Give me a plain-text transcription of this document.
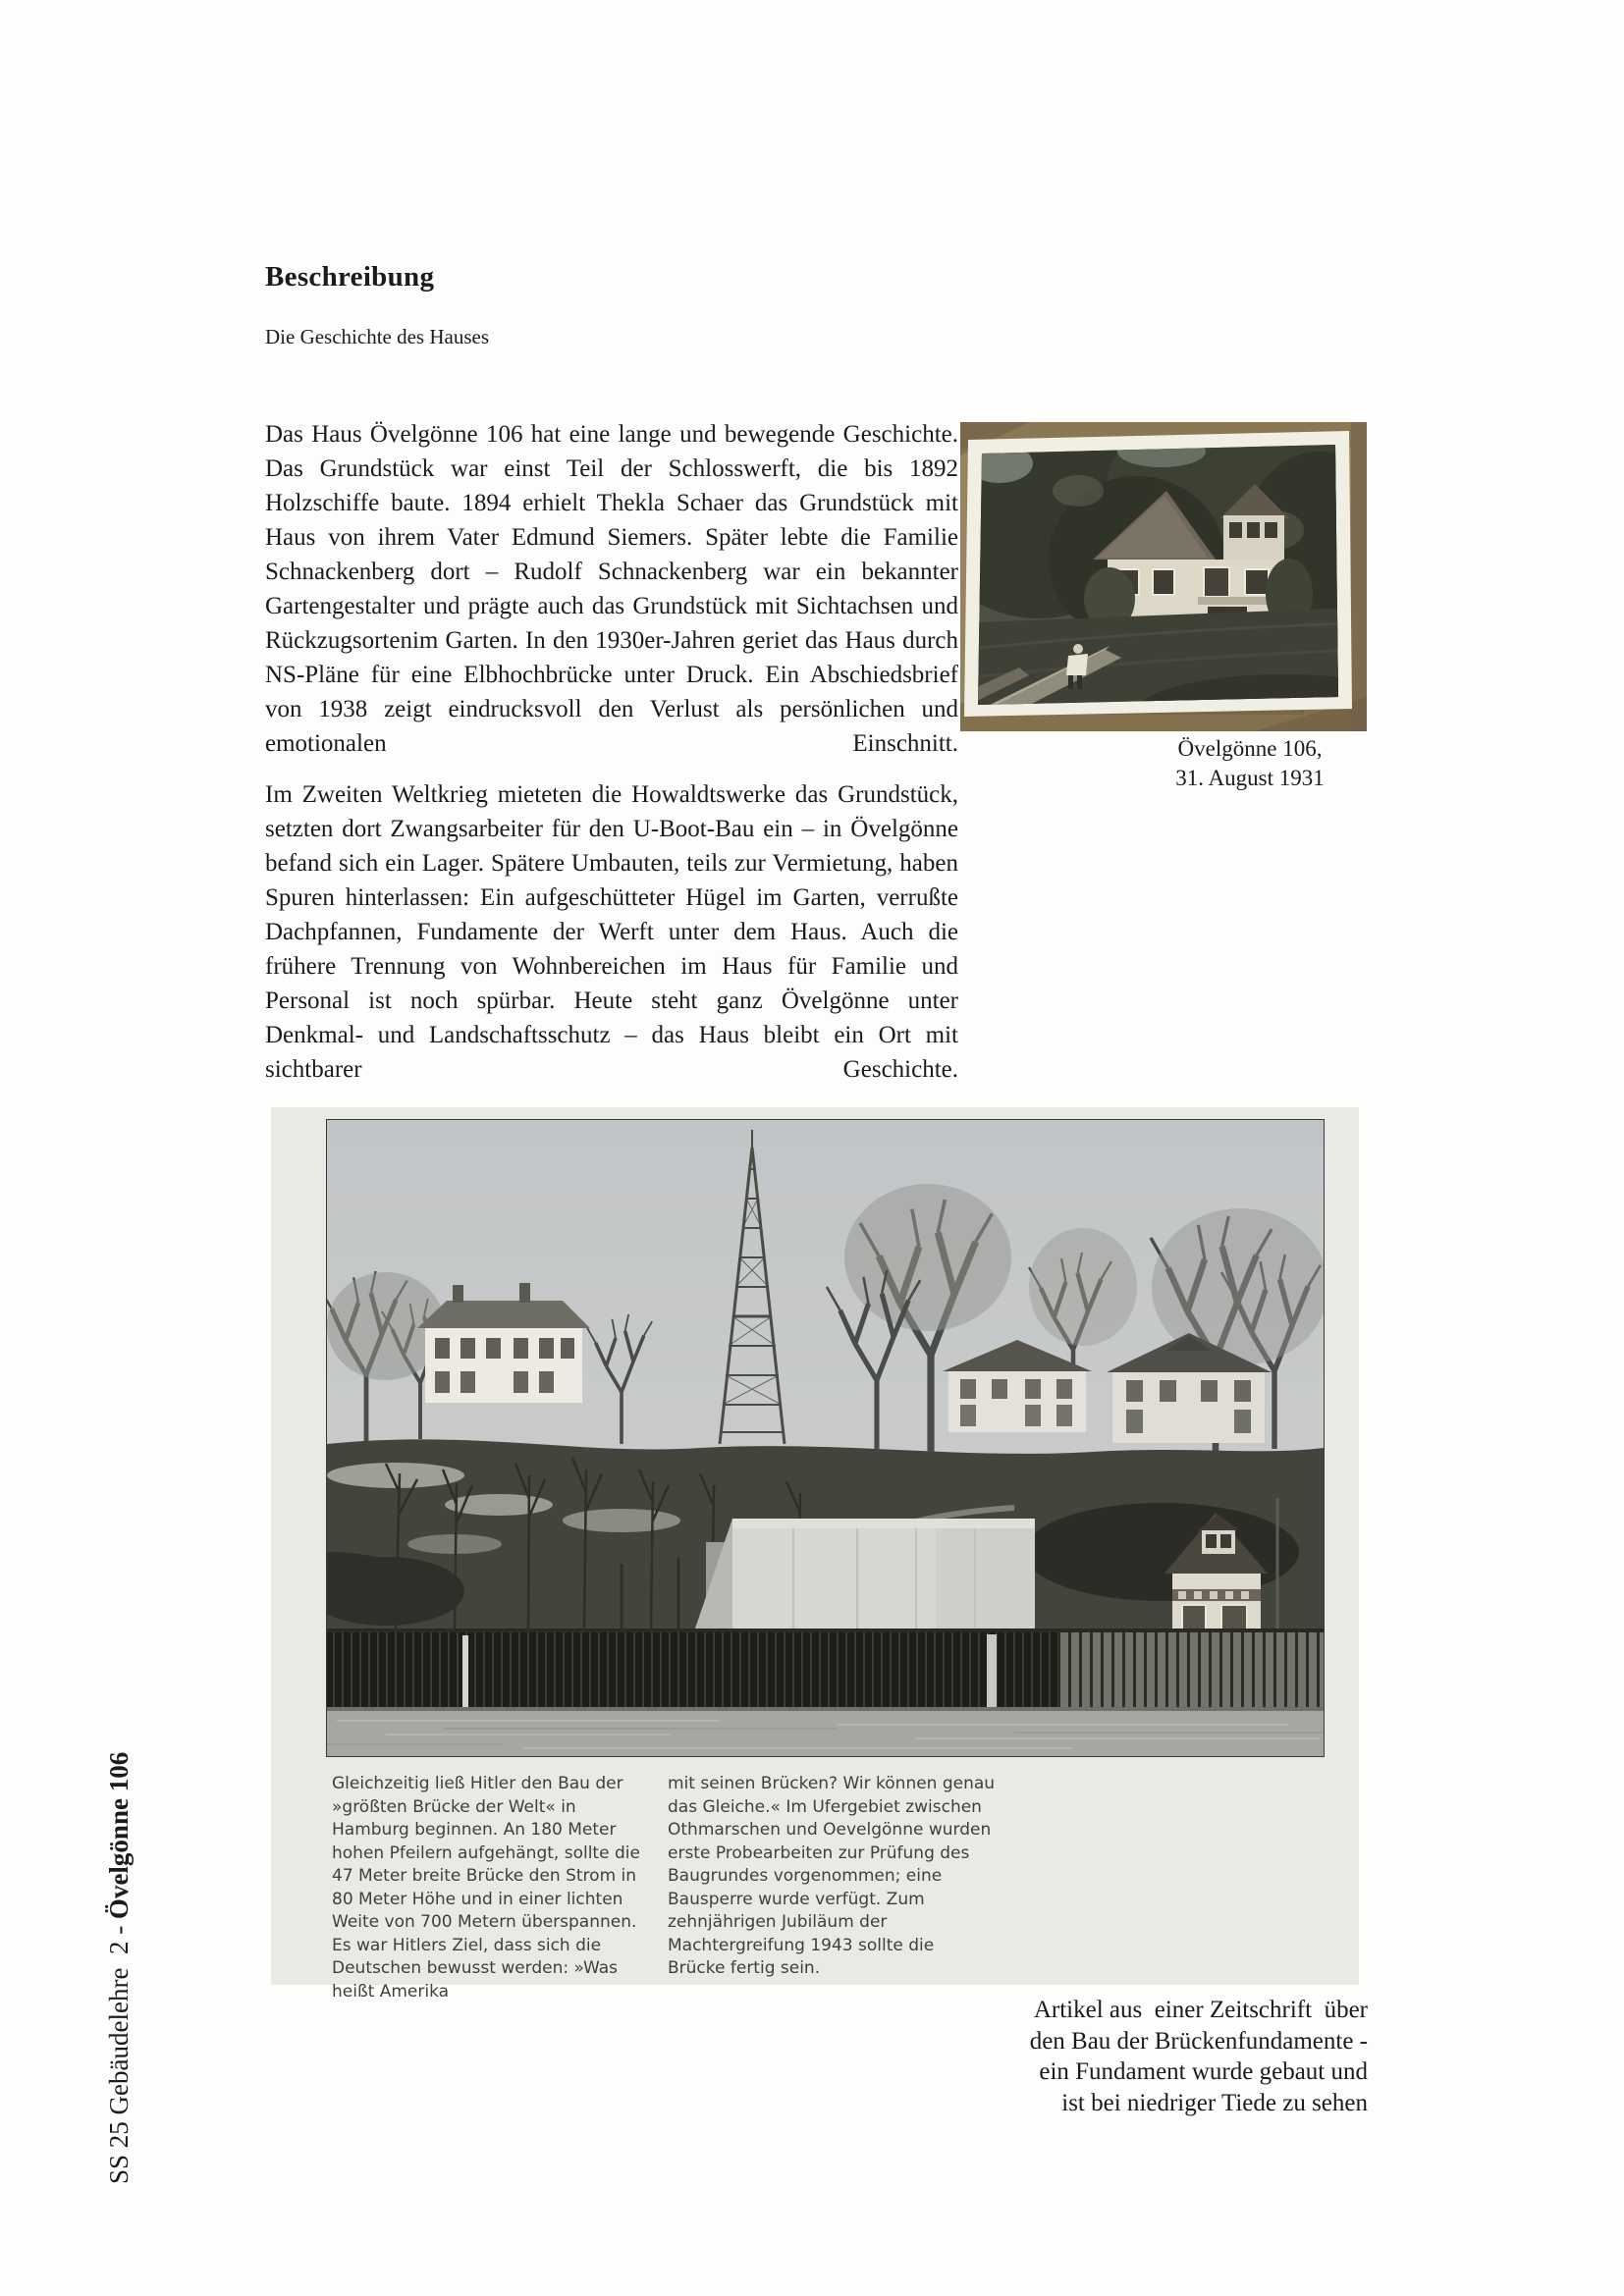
Beschreibung
Die Geschichte des Hauses

Das Haus Övelgönne 106 hat eine lange und bewegende Geschichte. Das Grundstück war einst Teil der Schlosswerft, die bis 1892 Holzschiffe baute. 1894 erhielt Thekla Schaer das Grundstück mit Haus von ihrem Vater Edmund Siemers. Später lebte die Familie Schnackenberg dort – Rudolf Schnackenberg war ein bekannter Gartengestalter und prägte auch das Grundstück mit Sichtachsen und Rückzugsortenim Garten. In den 1930er-Jahren geriet das Haus durch NS-Pläne für eine Elbhochbrücke unter Druck. Ein Abschiedsbrief von 1938 zeigt eindrucksvoll den Verlust als persönlichen und emotionalen Einschnitt.

Im Zweiten Weltkrieg mieteten die Howaldtswerke das Grundstück, setzten dort Zwangsarbeiter für den U-Boot-Bau ein – in Övelgönne befand sich ein Lager. Spätere Umbauten, teils zur Vermietung, haben Spuren hinterlassen: Ein aufgeschütteter Hügel im Garten, verrußte Dachpfannen, Fundamente der Werft unter dem Haus. Auch die frühere Trennung von Wohnbereichen im Haus für Familie und Personal ist noch spürbar. Heute steht ganz Övelgönne unter Denkmal- und Landschaftsschutz – das Haus bleibt ein Ort mit sichtbarer Geschichte.

Övelgönne 106,
31. August 1931
Gleichzeitig ließ Hitler den Bau der »größten Brücke der Welt« in Hamburg beginnen. An 180 Meter hohen Pfeilern aufgehängt, sollte die 47 Meter breite Brücke den Strom in 80 Meter Höhe und in einer lichten Weite von 700 Metern überspannen. Es war Hitlers Ziel, dass sich die Deutschen bewusst werden: »Was heißt Amerika
mit seinen Brücken? Wir können genau das Gleiche.« Im Ufergebiet zwischen Othmarschen und Oevelgönne wurden erste Probearbeiten zur Prüfung des Baugrundes vorgenommen; eine Bausperre wurde verfügt. Zum zehnjährigen Jubiläum der Machtergreifung 1943 sollte die Brücke fertig sein.
Artikel aus  einer Zeitschrift  über
den Bau der Brückenfundamente -
ein Fundament wurde gebaut und
ist bei niedriger Tiede zu sehen

SS 25 Gebäudelehre  2 - Övelgönne 106
